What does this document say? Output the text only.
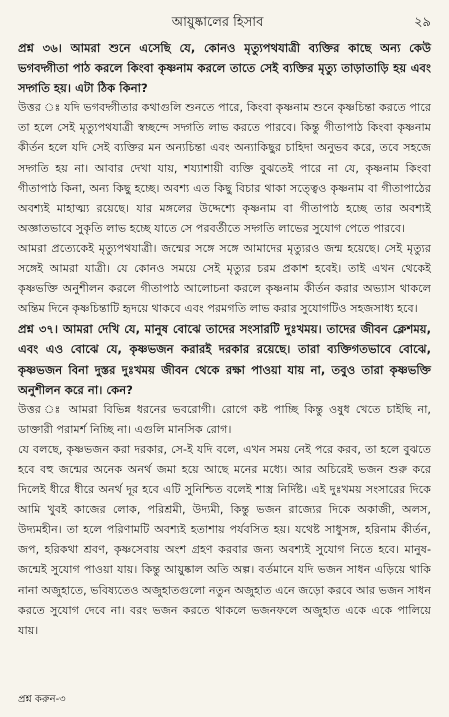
আয়ুষ্কালের হিসাব	২৯

প্রশ্ন ৩৬। আমরা শুনে এসেছি যে, কোনও মৃত্যুপথযাত্রী ব্যক্তির কাছে অন্য কেউ ভগবদ্গীতা পাঠ করলে কিংবা কৃষ্ণনাম করলে তাতে সেই ব্যক্তির মৃত্যু তাড়াতাড়ি হয় এবং সদ্গতি হয়। এটা ঠিক কিনা?

উত্তর ঃ যদি ভগবদ্গীতার কথাগুলি শুনতে পারে, কিংবা কৃষ্ণনাম শুনে কৃষ্ণচিন্তা করতে পারে তা হলে সেই মৃত্যুপথযাত্রী স্বচ্ছন্দে সদ্গতি লাভ করতে পারবে। কিন্তু গীতাপাঠ কিংবা কৃষ্ণনাম কীর্তন হলে যদি সেই ব্যক্তির মন অন্যচিন্তা এবং অন্যাকিছুর চাহিদা অনুভব করে, তবে সহজে সদ্গতি হয় না। আবার দেখা যায়, শয্যাশায়ী ব্যক্তি বুঝতেই পারে না যে, কৃষ্ণনাম কিংবা গীতাপাঠ কিনা, অন্য কিছু হচ্ছে। অবশ্য এত কিছু বিচার থাকা সত্ত্বেও কৃষ্ণনাম বা গীতাপাঠের অবশ্যই মাহাত্ম্য রয়েছে। যার মঙ্গলের উদ্দেশ্যে কৃষ্ণনাম বা গীতাপাঠ হচ্ছে তার অবশ্যই অজ্ঞাতভাবে সুকৃতি লাভ হচ্ছে যাতে সে পরবর্তীতে সদ্গতি লাভের সুযোগ পেতে পারবে।

আমরা প্রত্যেকেই মৃত্যুপথযাত্রী। জন্মের সঙ্গে সঙ্গে আমাদের মৃত্যুরও জন্ম হয়েছে। সেই মৃত্যুর সঙ্গেই আমরা যাত্রী। যে কোনও সময়ে সেই মৃত্যুর চরম প্রকাশ হবেই। তাই এখন থেকেই কৃষ্ণভক্তি অনুশীলন করলে গীতাপাঠ আলোচনা করলে কৃষ্ণনাম কীর্তন করার অভ্যাস থাকলে অন্তিম দিনে কৃষ্ণচিন্তাটি হৃদয়ে থাকবে এবং পরমগতি লাভ করার সুযোগটিও সহজসাধ্য হবে।

প্রশ্ন ৩৭। আমরা দেখি যে, মানুষ বোঝে তাদের সংসারটি দুঃখময়। তাদের জীবন ক্লেশময়, এবং এও বোঝে যে, কৃষ্ণভজন করারই দরকার রয়েছে। তারা ব্যক্তিগতভাবে বোঝে, কৃষ্ণভজন বিনা দুস্তর দুঃখময় জীবন থেকে রক্ষা পাওয়া যায় না, তবুও তারা কৃষ্ণভক্তি অনুশীলন করে না। কেন?

উত্তর ঃ আমরা বিভিন্ন ধরনের ভবরোগী। রোগে কষ্ট পাচ্ছি কিন্তু ওষুধ খেতে চাইছি না, ডাক্তারী পরামর্শ নিচ্ছি না। এগুলি মানসিক রোগ।

যে বলছে, কৃষ্ণভজন করা দরকার, সে-ই যদি বলে, এখন সময় নেই পরে করব, তা হলে বুঝতে হবে বহু জন্মের অনেক অনর্থ জমা হয়ে আছে মনের মধ্যে। আর অচিরেই ভজন শুরু করে দিলেই ধীরে ধীরে অনর্থ দূর হবে এটি সুনিশ্চিত বলেই শাস্ত্র নির্দিষ্ট। এই দুঃখময় সংসারের দিকে আমি খুবই কাজের লোক, পরিশ্রমী, উদ্যমী, কিন্তু ভজন রাজ্যের দিকে অকাজী, অলস, উদ্যমহীন। তা হলে পরিণামটি অবশ্যই হতাশায় পর্যবসিত হয়। যথেষ্ট সাধুসঙ্গ, হরিনাম কীর্তন, জপ, হরিকথা শ্রবণ, কৃষ্ণসেবায় অংশ গ্রহণ করবার জন্য অবশ্যই সুযোগ নিতে হবে। মানুষ-জন্মেই সুযোগ পাওয়া যায়। কিন্তু আয়ুষ্কাল অতি অল্প। বর্তমানে যদি ভজন সাধন এড়িয়ে থাকি নানা অজুহাতে, ভবিষ্যতেও অজুহাতগুলো নতুন অজুহাত এনে জড়ো করবে আর ভজন সাধন করতে সুযোগ দেবে না। বরং ভজন করতে থাকলে ভজনফলে অজুহাত একে একে পালিয়ে যায়।

প্রশ্ন করুন-৩
